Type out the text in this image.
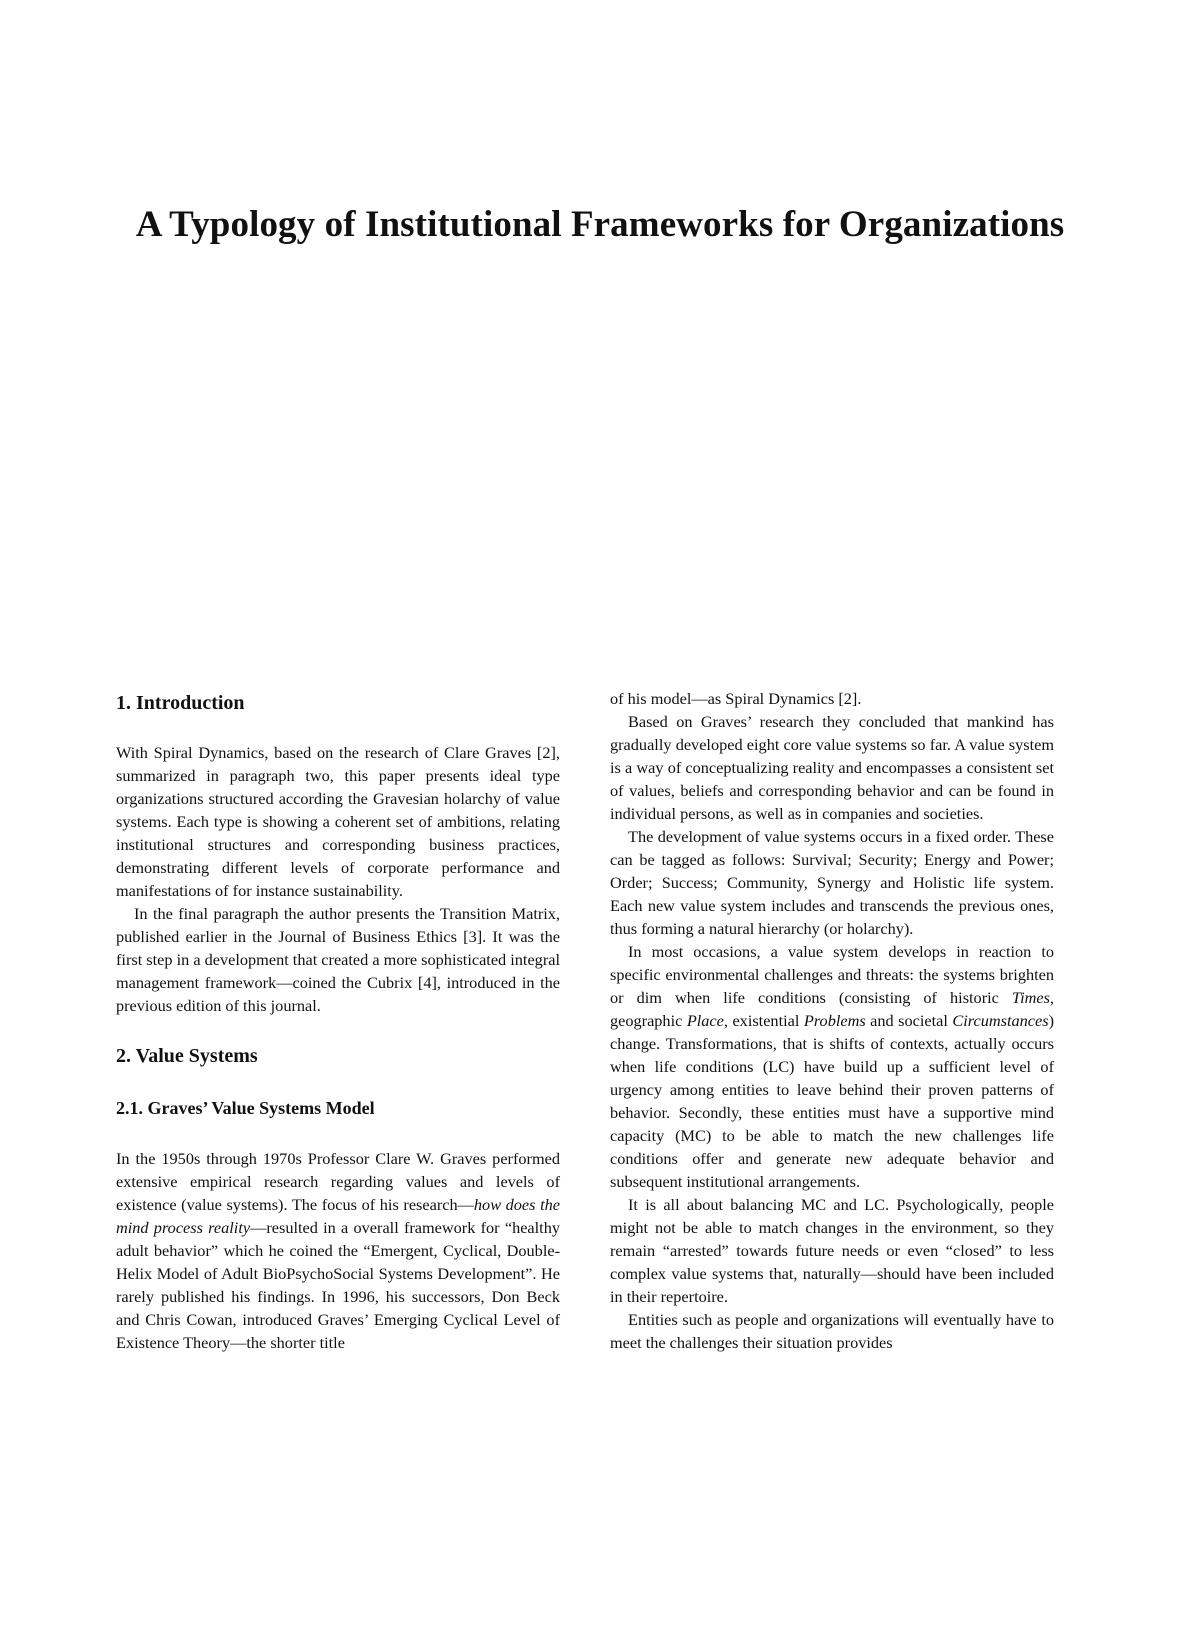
A Typology of Institutional Frameworks for Organizations
1. Introduction

With Spiral Dynamics, based on the research of Clare Graves [2], summarized in paragraph two, this paper presents ideal type organizations structured according the Gravesian holarchy of value systems. Each type is showing a coherent set of ambitions, relating institutional structures and corresponding business practices, demonstrating different levels of corporate performance and manifestations of for instance sustainability.

In the final paragraph the author presents the Transition Matrix, published earlier in the Journal of Business Ethics [3]. It was the first step in a development that created a more sophisticated integral management framework—coined the Cubrix [4], introduced in the previous edition of this journal.

2. Value Systems
2.1. Graves’ Value Systems Model

In the 1950s through 1970s Professor Clare W. Graves performed extensive empirical research regarding values and levels of existence (value systems). The focus of his research—how does the mind process reality—resulted in a overall framework for “healthy adult behavior” which he coined the “Emergent, Cyclical, Double-Helix Model of Adult BioPsychoSocial Systems Development”. He rarely published his findings. In 1996, his successors, Don Beck and Chris Cowan, introduced Graves’ Emerging Cyclical Level of Existence Theory—the shorter title

of his model—as Spiral Dynamics [2].

Based on Graves’ research they concluded that mankind has gradually developed eight core value systems so far. A value system is a way of conceptualizing reality and encompasses a consistent set of values, beliefs and corresponding behavior and can be found in individual persons, as well as in companies and societies.

The development of value systems occurs in a fixed order. These can be tagged as follows: Survival; Security; Energy and Power; Order; Success; Community, Synergy and Holistic life system. Each new value system includes and transcends the previous ones, thus forming a natural hierarchy (or holarchy).

In most occasions, a value system develops in reaction to specific environmental challenges and threats: the systems brighten or dim when life conditions (consisting of historic Times, geographic Place, existential Problems and societal Circumstances) change. Transformations, that is shifts of contexts, actually occurs when life conditions (LC) have build up a sufficient level of urgency among entities to leave behind their proven patterns of behavior. Secondly, these entities must have a supportive mind capacity (MC) to be able to match the new challenges life conditions offer and generate new adequate behavior and subsequent institutional arrangements.

It is all about balancing MC and LC. Psychologically, people might not be able to match changes in the environment, so they remain “arrested” towards future needs or even “closed” to less complex value systems that, naturally—should have been included in their repertoire.

Entities such as people and organizations will eventually have to meet the challenges their situation provides
